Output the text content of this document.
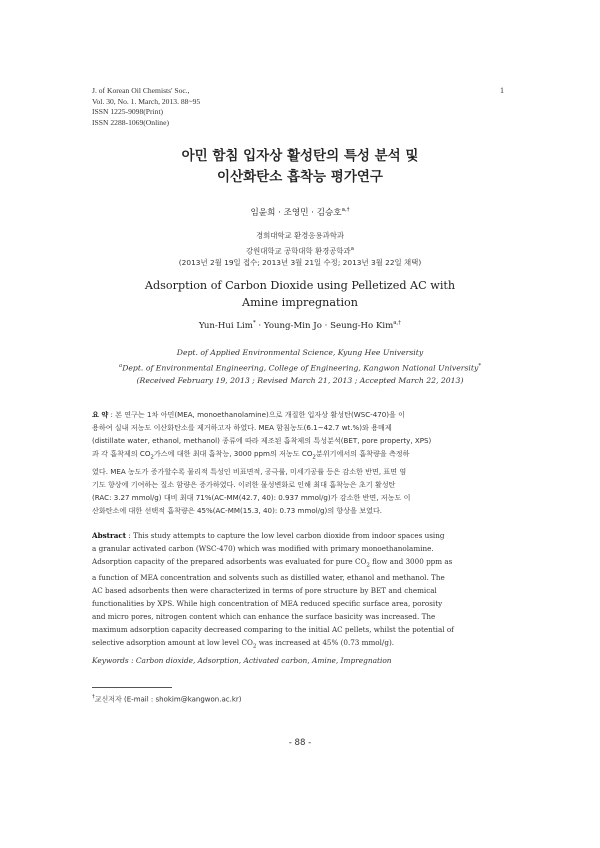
J. of Korean Oil Chemists' Soc.,
Vol. 30, No. 1. March, 2013. 88~95
ISSN 1225-9098(Print)
ISSN 2288-1069(Online)
1
아민 함침 입자상 활성탄의 특성 분석 및
이산화탄소 흡착능 평가연구
임윤희 · 조영민 · 김승호$^{a,\dagger}$
경희대학교 환경응용과학과
강원대학교 공학대학 환경공학과$^a$
(2013년 2월 19일 접수; 2013년 3월 21일 수정; 2013년 3월 22일 채택)
Adsorption of Carbon Dioxide using Pelletized AC with
Amine impregnation
Yun-Hui Lim* · Young-Min Jo · Seung-Ho Kim$^{a,\dagger}$
Dept. of Applied Environmental Science, Kyung Hee University
$^a$Dept. of Environmental Engineering, College of Engineering, Kangwon National University*
(Received February 19, 2013 ; Revised March 21, 2013 ; Accepted March 22, 2013)
요 약 : 본 연구는 1차 아민(MEA, monoethanolamine)으로 개질한 입자상 활성탄(WSC-470)을 이
용하여 실내 저농도 이산화탄소를 제거하고자 하였다. MEA 함침농도(6.1~42.7 wt.%)와 용매제
(distillate water, ethanol, methanol) 종류에 따라 제조된 흡착제의 특성분석(BET, pore property, XPS)
과 각 흡착제의 $CO_2$가스에 대한 최대 흡착능, 3000 ppm의 저농도 $CO_2$분위기에서의 흡착량을 측정하
였다. MEA 농도가 증가할수록 물리적 특성인 비표면적, 공극률, 미세기공률 등은 감소한 반면, 표면 염
기도 향상에 기여하는 질소 함량은 증가하였다. 이러한 물성변화로 인해 최대 흡착능은 초기 활성탄
(RAC: 3.27 mmol/g) 대비 최대 71%(AC-MM(42.7, 40): 0.937 mmol/g)가 감소한 반면, 저농도 이
산화탄소에 대한 선택적 흡착량은 45%(AC-MM(15.3, 40): 0.73 mmol/g)의 향상을 보였다.
Abstract : This study attempts to capture the low level carbon dioxide from indoor spaces using
a granular activated carbon (WSC-470) which was modified with primary monoethanolamine.
Adsorption capacity of the prepared adsorbents was evaluated for pure $CO_2$ flow and 3000 ppm as
a function of MEA concentration and solvents such as distilled water, ethanol and methanol. The
AC based adsorbents then were characterized in terms of pore structure by BET and chemical
functionalities by XPS. While high concentration of MEA reduced specific surface area, porosity
and micro pores, nitrogen content which can enhance the surface basicity was increased. The
maximum adsorption capacity decreased comparing to the initial AC pellets, whilst the potential of
selective adsorption amount at low level $CO_2$ was increased at 45% (0.73 mmol/g).
Keywords : Carbon dioxide, Adsorption, Activated carbon, Amine, Impregnation
†교신저자 (E-mail : shokim@kangwon.ac.kr)
- 88 -
